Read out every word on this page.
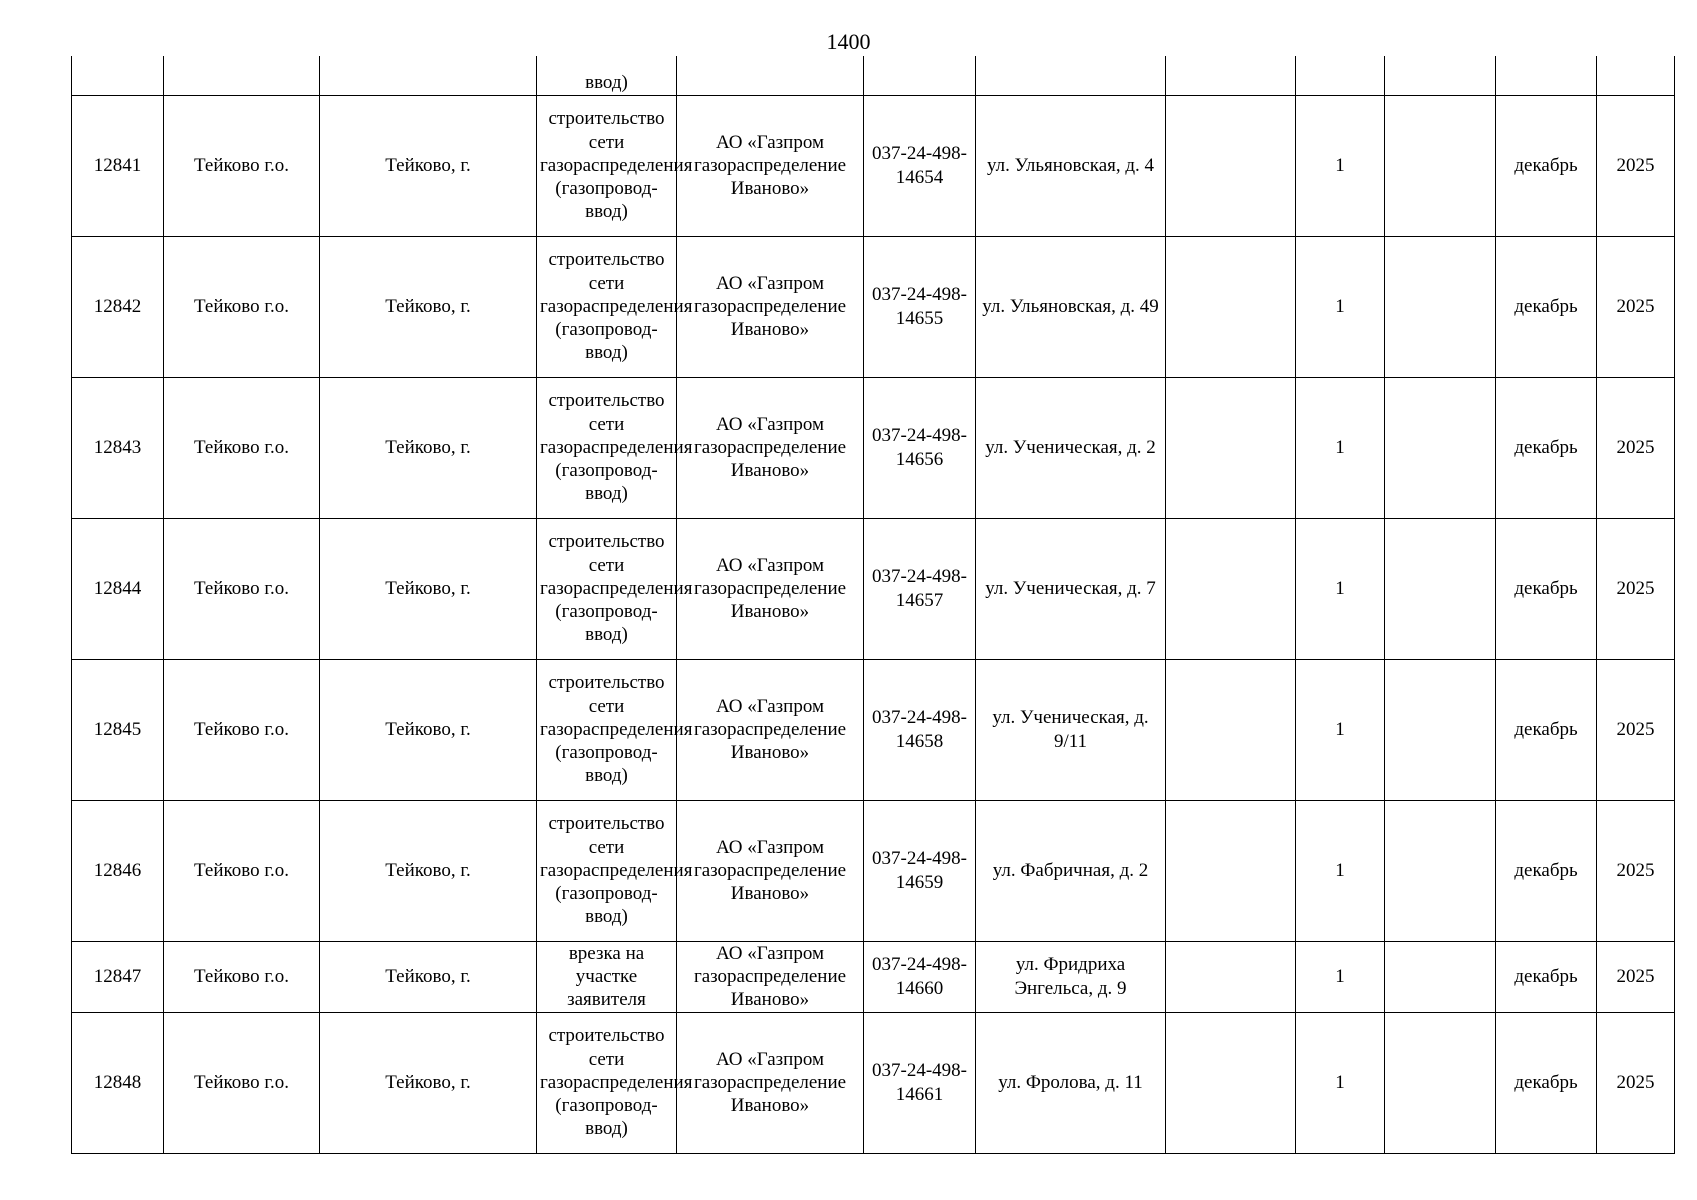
1400
			ввод)								
12841	Тейково г.о.	Тейково, г.	строительство сети газораспределения (газопровод-ввод)	АО «Газпром газораспределение Иваново»	037-24-498-14654	ул. Ульяновская, д. 4		1		декабрь	2025
12842	Тейково г.о.	Тейково, г.	строительство сети газораспределения (газопровод-ввод)	АО «Газпром газораспределение Иваново»	037-24-498-14655	ул. Ульяновская, д. 49		1		декабрь	2025
12843	Тейково г.о.	Тейково, г.	строительство сети газораспределения (газопровод-ввод)	АО «Газпром газораспределение Иваново»	037-24-498-14656	ул. Ученическая, д. 2		1		декабрь	2025
12844	Тейково г.о.	Тейково, г.	строительство сети газораспределения (газопровод-ввод)	АО «Газпром газораспределение Иваново»	037-24-498-14657	ул. Ученическая, д. 7		1		декабрь	2025
12845	Тейково г.о.	Тейково, г.	строительство сети газораспределения (газопровод-ввод)	АО «Газпром газораспределение Иваново»	037-24-498-14658	ул. Ученическая, д. 9/11		1		декабрь	2025
12846	Тейково г.о.	Тейково, г.	строительство сети газораспределения (газопровод-ввод)	АО «Газпром газораспределение Иваново»	037-24-498-14659	ул. Фабричная, д. 2		1		декабрь	2025
12847	Тейково г.о.	Тейково, г.	врезка на участке заявителя	АО «Газпром газораспределение Иваново»	037-24-498-14660	ул. Фридриха Энгельса, д. 9		1		декабрь	2025
12848	Тейково г.о.	Тейково, г.	строительство сети газораспределения (газопровод-ввод)	АО «Газпром газораспределение Иваново»	037-24-498-14661	ул. Фролова, д. 11		1		декабрь	2025
